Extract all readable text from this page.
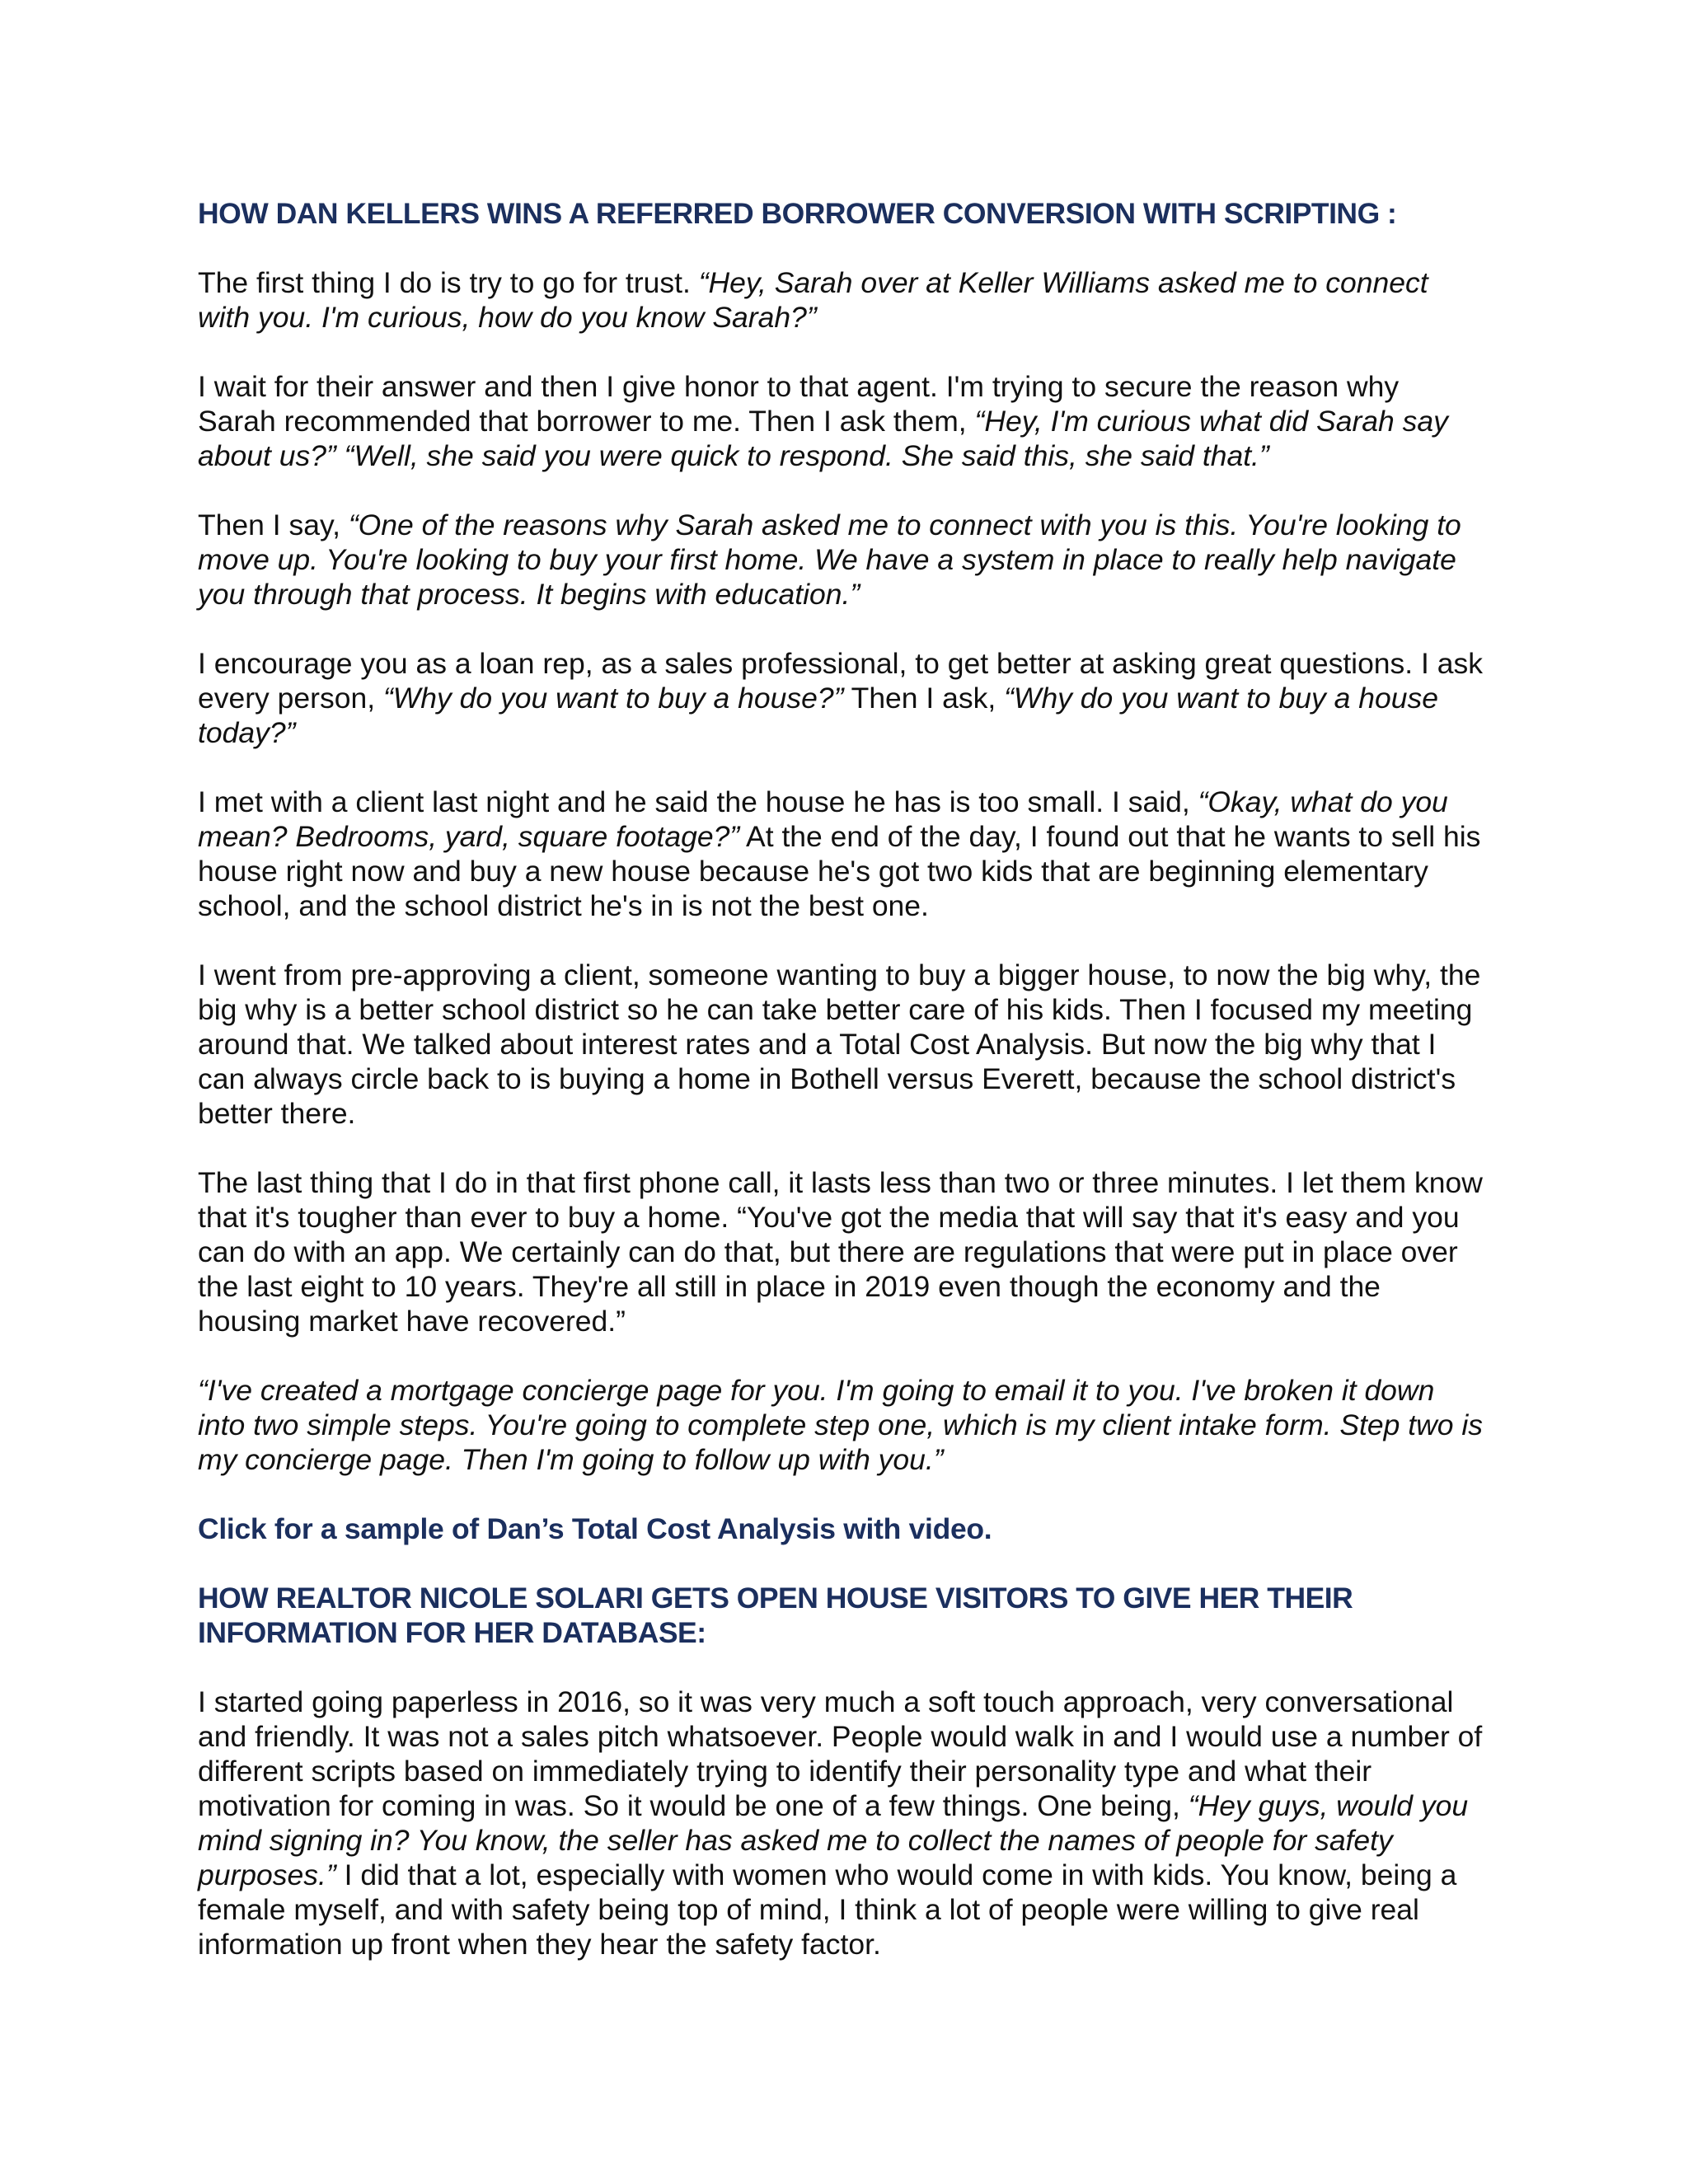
HOW DAN KELLERS WINS A REFERRED BORROWER CONVERSION WITH SCRIPTING :

The first thing I do is try to go for trust. “Hey, Sarah over at Keller Williams asked me to connect with you. I'm curious, how do you know Sarah?”

I wait for their answer and then I give honor to that agent. I'm trying to secure the reason why Sarah recommended that borrower to me. Then I ask them, “Hey, I'm curious what did Sarah say about us?” “Well, she said you were quick to respond. She said this, she said that.”

Then I say, “One of the reasons why Sarah asked me to connect with you is this. You're looking to move up. You're looking to buy your first home. We have a system in place to really help navigate you through that process. It begins with education.”

I encourage you as a loan rep, as a sales professional, to get better at asking great questions. I ask every person, “Why do you want to buy a house?” Then I ask, “Why do you want to buy a house today?”

I met with a client last night and he said the house he has is too small. I said, “Okay, what do you mean? Bedrooms, yard, square footage?” At the end of the day, I found out that he wants to sell his house right now and buy a new house because he's got two kids that are beginning elementary school, and the school district he's in is not the best one.

I went from pre-approving a client, someone wanting to buy a bigger house, to now the big why, the big why is a better school district so he can take better care of his kids. Then I focused my meeting around that. We talked about interest rates and a Total Cost Analysis. But now the big why that I can always circle back to is buying a home in Bothell versus Everett, because the school district's better there.

The last thing that I do in that first phone call, it lasts less than two or three minutes. I let them know that it's tougher than ever to buy a home. “You've got the media that will say that it's easy and you can do with an app. We certainly can do that, but there are regulations that were put in place over the last eight to 10 years. They're all still in place in 2019 even though the economy and the housing market have recovered.”

“I've created a mortgage concierge page for you. I'm going to email it to you. I've broken it down into two simple steps. You're going to complete step one, which is my client intake form. Step two is my concierge page. Then I'm going to follow up with you.”

Click for a sample of Dan’s Total Cost Analysis with video.
HOW REALTOR NICOLE SOLARI GETS OPEN HOUSE VISITORS TO GIVE HER THEIR INFORMATION FOR HER DATABASE:

I started going paperless in 2016, so it was very much a soft touch approach, very conversational and friendly. It was not a sales pitch whatsoever. People would walk in and I would use a number of different scripts based on immediately trying to identify their personality type and what their motivation for coming in was. So it would be one of a few things. One being, “Hey guys, would you mind signing in? You know, the seller has asked me to collect the names of people for safety purposes.” I did that a lot, especially with women who would come in with kids. You know, being a female myself, and with safety being top of mind, I think a lot of people were willing to give real information up front when they hear the safety factor.
